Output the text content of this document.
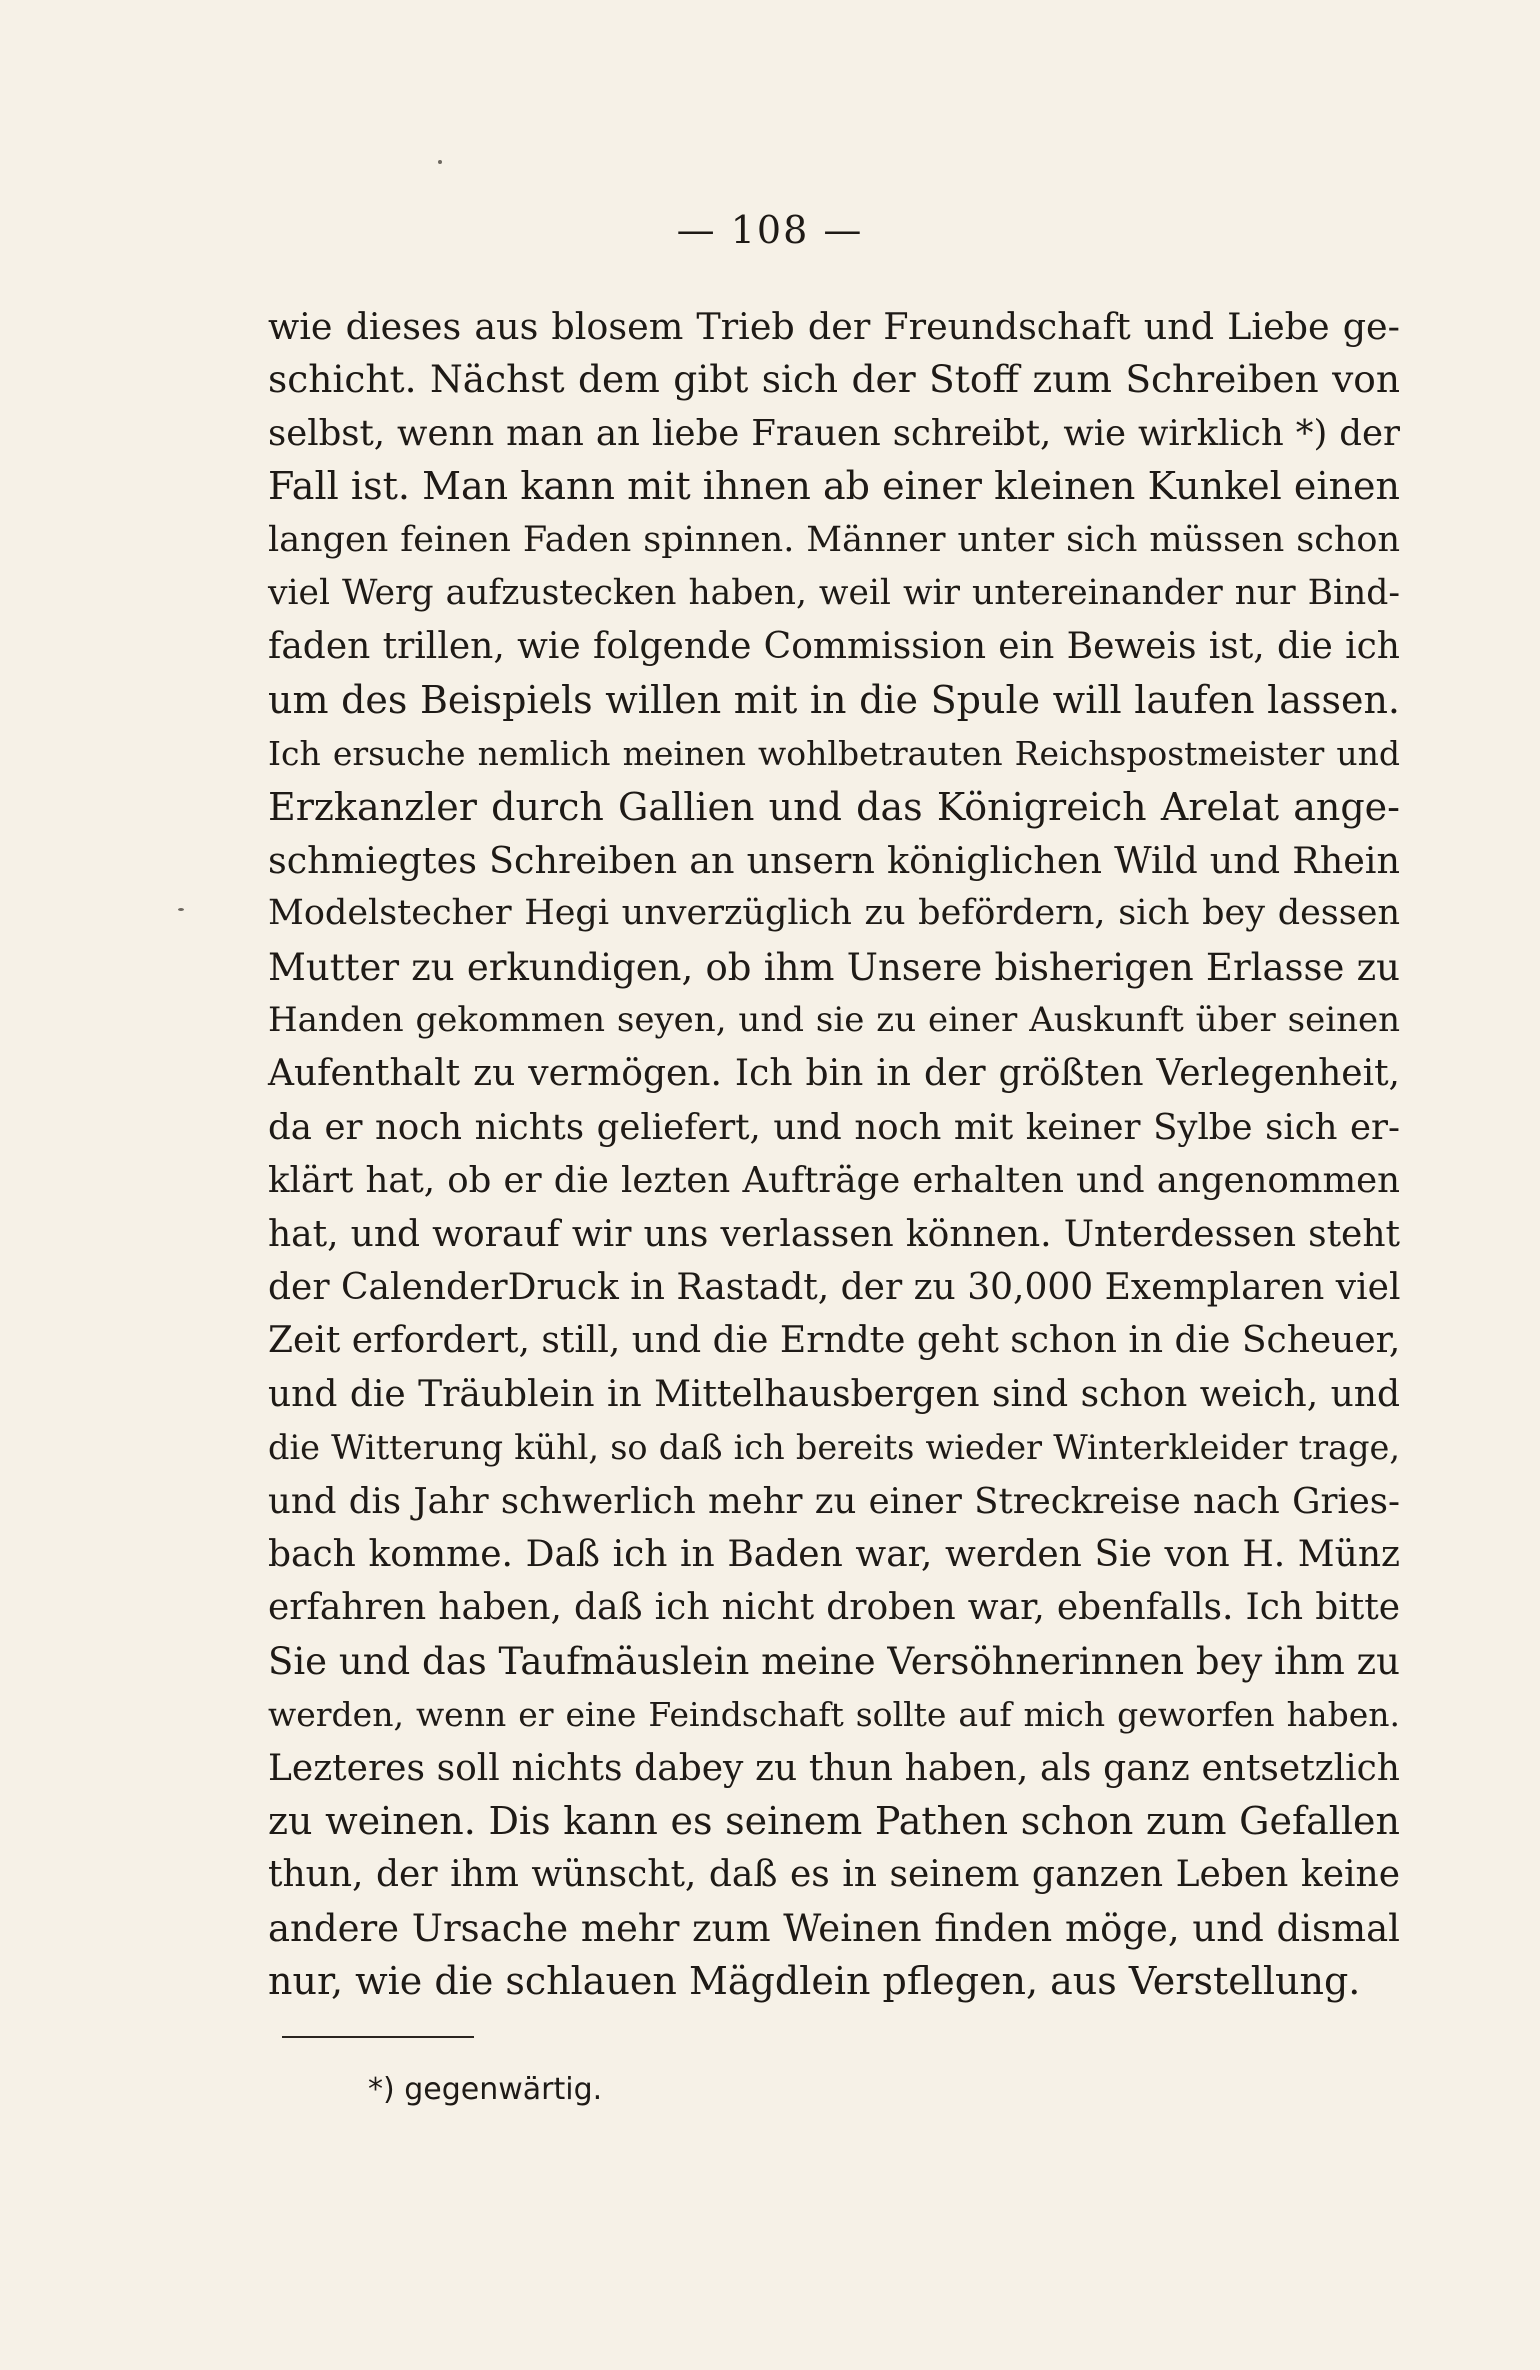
— 108 —
wie dieses aus blosem Trieb der Freundschaft und Liebe ge-
schicht. Nächst dem gibt sich der Stoff zum Schreiben von
selbst, wenn man an liebe Frauen schreibt, wie wirklich *) der
Fall ist. Man kann mit ihnen ab einer kleinen Kunkel einen
langen feinen Faden spinnen. Männer unter sich müssen schon
viel Werg aufzustecken haben, weil wir untereinander nur Bind-
faden trillen, wie folgende Commission ein Beweis ist, die ich
um des Beispiels willen mit in die Spule will laufen lassen.
Ich ersuche nemlich meinen wohlbetrauten Reichspostmeister und
Erzkanzler durch Gallien und das Königreich Arelat ange-
schmiegtes Schreiben an unsern königlichen Wild und Rhein
Modelstecher Hegi unverzüglich zu befördern, sich bey dessen
Mutter zu erkundigen, ob ihm Unsere bisherigen Erlasse zu
Handen gekommen seyen, und sie zu einer Auskunft über seinen
Aufenthalt zu vermögen. Ich bin in der größten Verlegenheit,
da er noch nichts geliefert, und noch mit keiner Sylbe sich er-
klärt hat, ob er die lezten Aufträge erhalten und angenommen
hat, und worauf wir uns verlassen können. Unterdessen steht
der CalenderDruck in Rastadt, der zu 30,000 Exemplaren viel
Zeit erfordert, still, und die Erndte geht schon in die Scheuer,
und die Träublein in Mittelhausbergen sind schon weich, und
die Witterung kühl, so daß ich bereits wieder Winterkleider trage,
und dis Jahr schwerlich mehr zu einer Streckreise nach Gries-
bach komme. Daß ich in Baden war, werden Sie von H. Münz
erfahren haben, daß ich nicht droben war, ebenfalls. Ich bitte
Sie und das Taufmäuslein meine Versöhnerinnen bey ihm zu
werden, wenn er eine Feindschaft sollte auf mich geworfen haben.
Lezteres soll nichts dabey zu thun haben, als ganz entsetzlich
zu weinen. Dis kann es seinem Pathen schon zum Gefallen
thun, der ihm wünscht, daß es in seinem ganzen Leben keine
andere Ursache mehr zum Weinen finden möge, und dismal
nur, wie die schlauen Mägdlein pflegen, aus Verstellung.
*) gegenwärtig.
